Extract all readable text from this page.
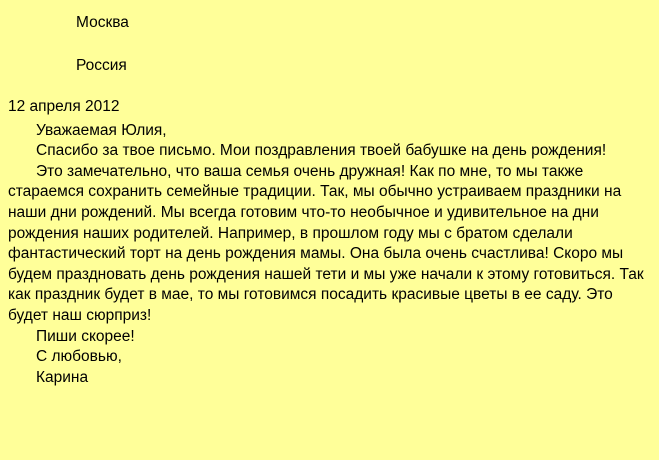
Москва
Россия
12 апреля 2012

Уважаемая Юлия,

Спасибо за твое письмо. Мои поздравления твоей бабушке на день рождения!

Это замечательно, что ваша семья очень дружная! Как по мне, то мы также стараемся сохранить семейные традиции. Так, мы обычно устраиваем праздники на наши дни рождений. Мы всегда готовим что-то необычное и удивительное на дни рождения наших родителей. Например, в прошлом году мы с братом сделали фантастический торт на день рождения мамы. Она была очень счастлива! Скоро мы будем праздновать день рождения нашей тети и мы уже начали к этому готовиться. Так как праздник будет в мае, то мы готовимся посадить красивые цветы в ее саду. Это будет наш сюрприз!

Пиши скорее!

С любовью,

Карина
